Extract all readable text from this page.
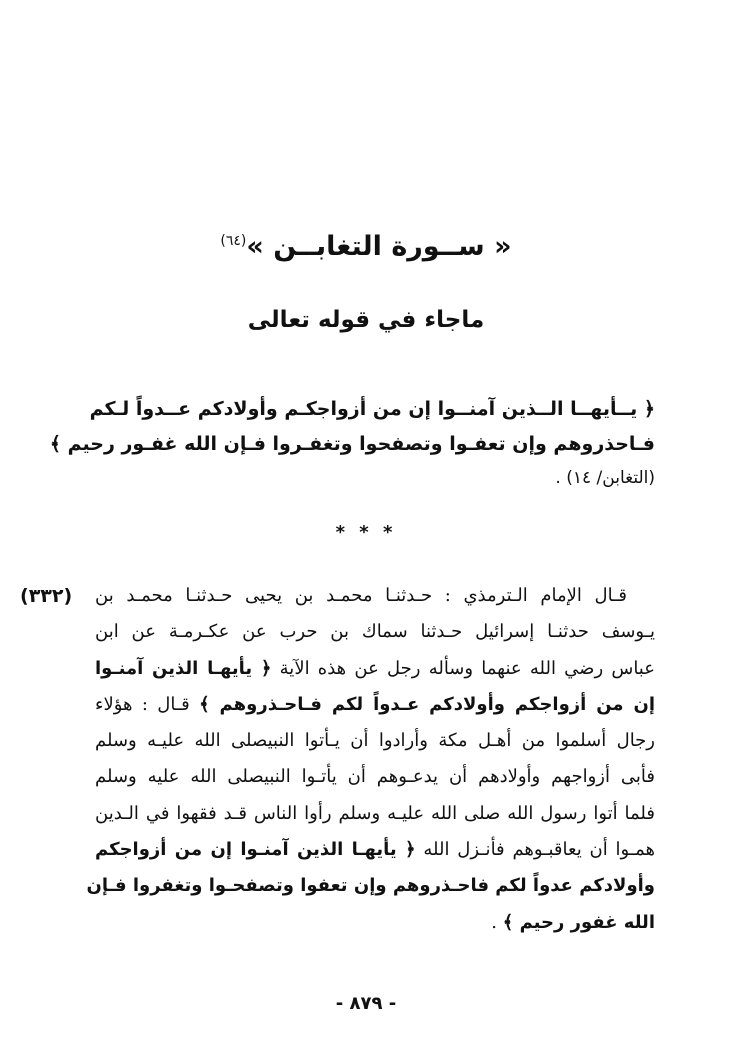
« ســورة التغابــن »$^{(٦٤)}$
ماجاء في قوله تعالى
﴿ يــأيهــا الــذين آمنــوا إن من أزواجكـم وأولادكم عــدواً لـكم
فـاحذروهم وإن تعفـوا وتصفحوا وتغفـروا فـإن الله غفـور رحيم ﴾
(التغابن/ ١٤) .
* * *
(٣٣٢) قـال الإمام الـترمذي : حـدثنـا محمـد بن يحيى حـدثنـا محمـد بن
يـوسف حدثنـا إسرائيل حـدثنا سماك بن حرب عن عكـرمـة عن ابن
عباس رضي الله عنهما وسأله رجل عن هذه الآية ﴿ يأيهـا الذين آمنـوا
إن من أزواجكم وأولادكم عـدواً لكم فـاحـذروهم ﴾ قـال : هؤلاء
رجال أسلموا من أهـل مكة وأرادوا أن يـأتوا النبيصلى الله عليـه وسلم
فأبى أزواجهم وأولادهم أن يدعـوهم أن يأتـوا النبيصلى الله عليه وسلم
فلما أتوا رسول الله صلى الله عليـه وسلم رأوا الناس قـد فقهوا في الـدين
همـوا أن يعاقبـوهم فأنـزل الله ﴿ يأيهـا الذين آمنـوا إن من أزواجكم
وأولادكم عدواً لكم فاحـذروهم وإن تعفوا وتصفحـوا وتغفروا فـإن
الله غفور رحيم ﴾ .
- ٨٧٩ -
